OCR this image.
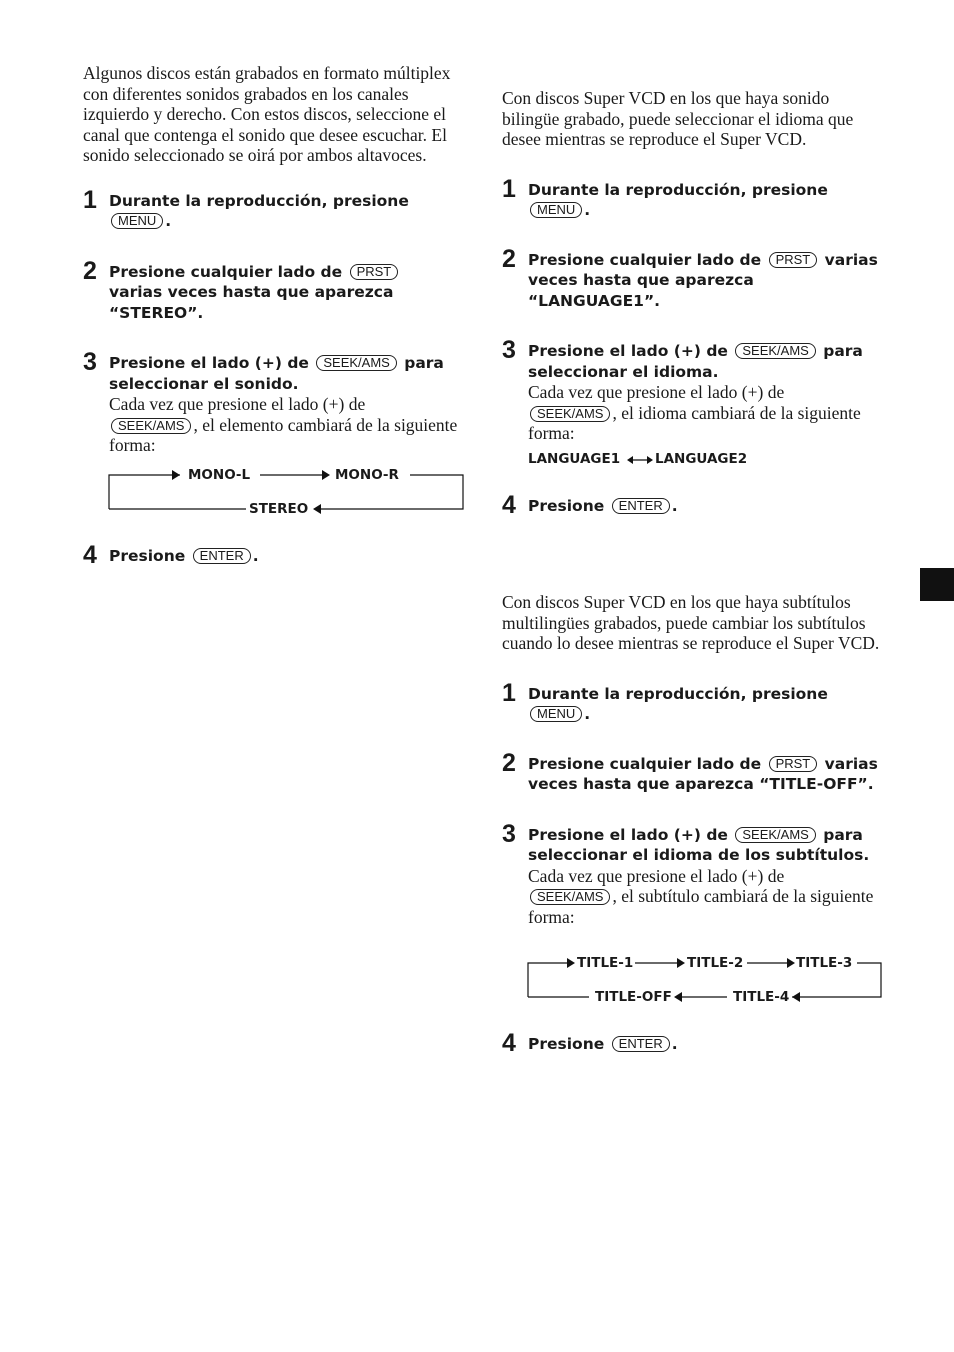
Algunos discos están grabados en formato múltiplex con diferentes sonidos grabados en los canales izquierdo y derecho. Con estos discos, seleccione el canal que contenga el sonido que desee escuchar. El sonido seleccionado se oirá por ambos altavoces.

1 Durante la reproducción, presione MENU .
2 Presione cualquier lado de PRST varias veces hasta que aparezca “STEREO”.
3 Presione el lado (+) de SEEK/AMS para seleccionar el sonido.
Cada vez que presione el lado (+) de
SEEK/AMS , el elemento cambiará de la siguiente forma:
MONO-L	MONO-R
STEREO
4 Presione ENTER .

Con discos Super VCD en los que haya sonido bilingüe grabado, puede seleccionar el idioma que desee mientras se reproduce el Super VCD.

1 Durante la reproducción, presione MENU .
2 Presione cualquier lado de PRST varias veces hasta que aparezca “LANGUAGE1”.
3 Presione el lado (+) de SEEK/AMS para seleccionar el idioma.
Cada vez que presione el lado (+) de
SEEK/AMS , el idioma cambiará de la siguiente forma:
LANGUAGE1	LANGUAGE2
4 Presione ENTER .

Con discos Super VCD en los que haya subtítulos multilingües grabados, puede cambiar los subtítulos cuando lo desee mientras se reproduce el Super VCD.

1 Durante la reproducción, presione MENU .
2 Presione cualquier lado de PRST varias veces hasta que aparezca “TITLE-OFF”.
3 Presione el lado (+) de SEEK/AMS para seleccionar el idioma de los subtítulos.
Cada vez que presione el lado (+) de
SEEK/AMS , el subtítulo cambiará de la siguiente forma:
TITLE-1	TITLE-2	TITLE-3
TITLE-4
TITLE-OFF
4 Presione ENTER .
